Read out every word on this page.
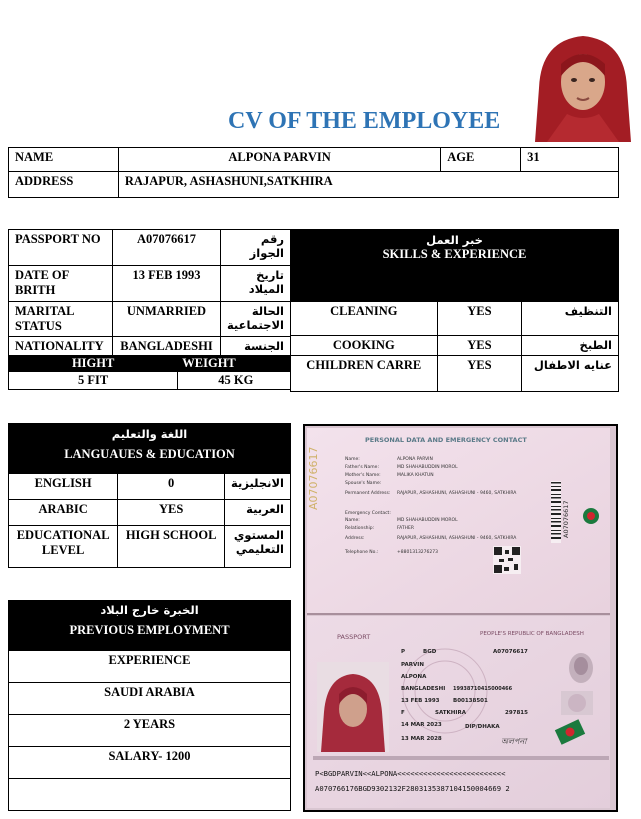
CV OF THE EMPLOYEE
NAME	ALPONA PARVIN	AGE	31
ADDRESS	RAJAPUR, ASHASHUNI,SATKHIRA		
PASSPORT NO	A07076617	رقم الجواز
DATE OF BRITH	13 FEB 1993	تاريخ الميلاد
MARITAL STATUS	UNMARRIED	الحالة الاجتماعية
NATIONALITY	BANGLADESHI	الجنسة
HIGHT	WEIGHT
5 FIT	45 KG
خبر العمل
SKILLS & EXPERIENCE		

CLEANING	YES	التنظيف
COOKING	YES	الطبخ
CHILDREN CARRE	YES	عنايه الاطفال
اللغة والتعليم
LANGUAUES & EDUCATION		

ENGLISH	0	الانجليزية
ARABIC	YES	العربية
EDUCATIONAL LEVEL	HIGH SCHOOL	المستوي التعليمي
الخبرة خارج البلاد
PREVIOUS EMPLOYMENT

EXPERIENCE
SAUDI ARABIA
2 YEARS
SALARY- 1200

PERSONAL DATA AND EMERGENCY CONTACT
A07076617	Name:	ALPONA PARVIN
Father's Name:	MD SHAHABUDDIN MOROL
Mother's Name:	MALIKA KHATUN
Spouse's Name:
Permanent Address: RAJAPUR, ASHASHUNI, ASHASHUNI - 9460, SATKHIRA
Emergency Contact:
Name:	MD SHAHABUDDIN MOROL
Relationship:	FATHER
Address:	RAJAPUR, ASHASHUNI, ASHASHUNI - 9460, SATKHIRA
Telephone No.:	+8801313276273
A07076617
PASSPORT	PEOPLE'S REPUBLIC OF BANGLADESH
P	BGD	A07076617
PARVIN
ALPONA
BANGLADESHI 19938710415000466
13 FEB 1993 B00138501
F	SATKHIRA	297815
14 MAR 2023	DIP/DHAKA
13 MAR 2028	অলপনা
P<BGDPARVIN<<ALPONA<<<<<<<<<<<<<<<<<<<<<<<<<
A070766176BGD9302132F2803135387104150004669 2
